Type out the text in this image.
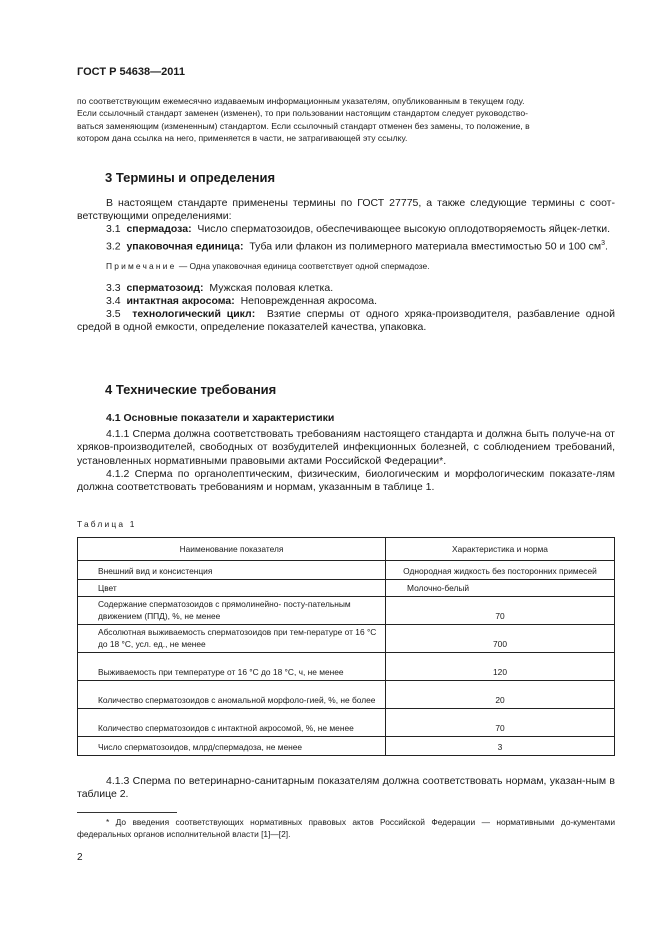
ГОСТ Р 54638—2011
по соответствующим ежемесячно издаваемым информационным указателям, опубликованным в текущем году.
Если ссылочный стандарт заменен (изменен), то при пользовании настоящим стандартом следует руководство-
ваться заменяющим (измененным) стандартом. Если ссылочный стандарт отменен без замены, то положение, в
котором дана ссылка на него, применяется в части, не затрагивающей эту ссылку.
3 Термины и определения
В настоящем стандарте применены термины по ГОСТ 27775, а также следующие термины с соот-ветствующими определениями:
3.1 спермадоза: Число сперматозоидов, обеспечивающее высокую оплодотворяемость яйцек-летки.
3.2 упаковочная единица: Туба или флакон из полимерного материала вместимостью 50 и 100 $см^3$.
Примечание — Одна упаковочная единица соответствует одной спермадозе.
3.3 сперматозоид: Мужская половая клетка.
3.4 интактная акросома: Неповрежденная акросома.
3.5 технологический цикл: Взятие спермы от одного хряка-производителя, разбавление одной средой в одной емкости, определение показателей качества, упаковка.
4 Технические требования
4.1 Основные показатели и характеристики
4.1.1 Сперма должна соответствовать требованиям настоящего стандарта и должна быть получе-на от хряков-производителей, свободных от возбудителей инфекционных болезней, с соблюдением требований, установленных нормативными правовыми актами Российской Федерации*.
4.1.2 Сперма по органолептическим, физическим, биологическим и морфологическим показате-лям должна соответствовать требованиям и нормам, указанным в таблице 1.
Таблица 1
Наименование показателя	Характеристика и норма
Внешний вид и консистенция	Однородная жидкость без посторонних примесей
Цвет	Молочно-белый
Содержание сперматозоидов с прямолинейно- посту-пательным движением (ППД), %, не менее	70
Абсолютная выживаемость сперматозоидов при тем-пературе от 16 °С до 18 °С, усл. ед., не менее	700
Выживаемость при температуре от 16 °С до 18 °С, ч, не менее	120
Количество сперматозоидов с аномальной морфоло-гией, %, не более	20
Количество сперматозоидов с интактной акросомой, %, не менее	70
Число сперматозоидов, млрд/спермадоза, не менее	3
4.1.3 Сперма по ветеринарно-санитарным показателям должна соответствовать нормам, указан-ным в таблице 2.
* До введения соответствующих нормативных правовых актов Российской Федерации — нормативными до-кументами федеральных органов исполнительной власти [1]—[2].
2
